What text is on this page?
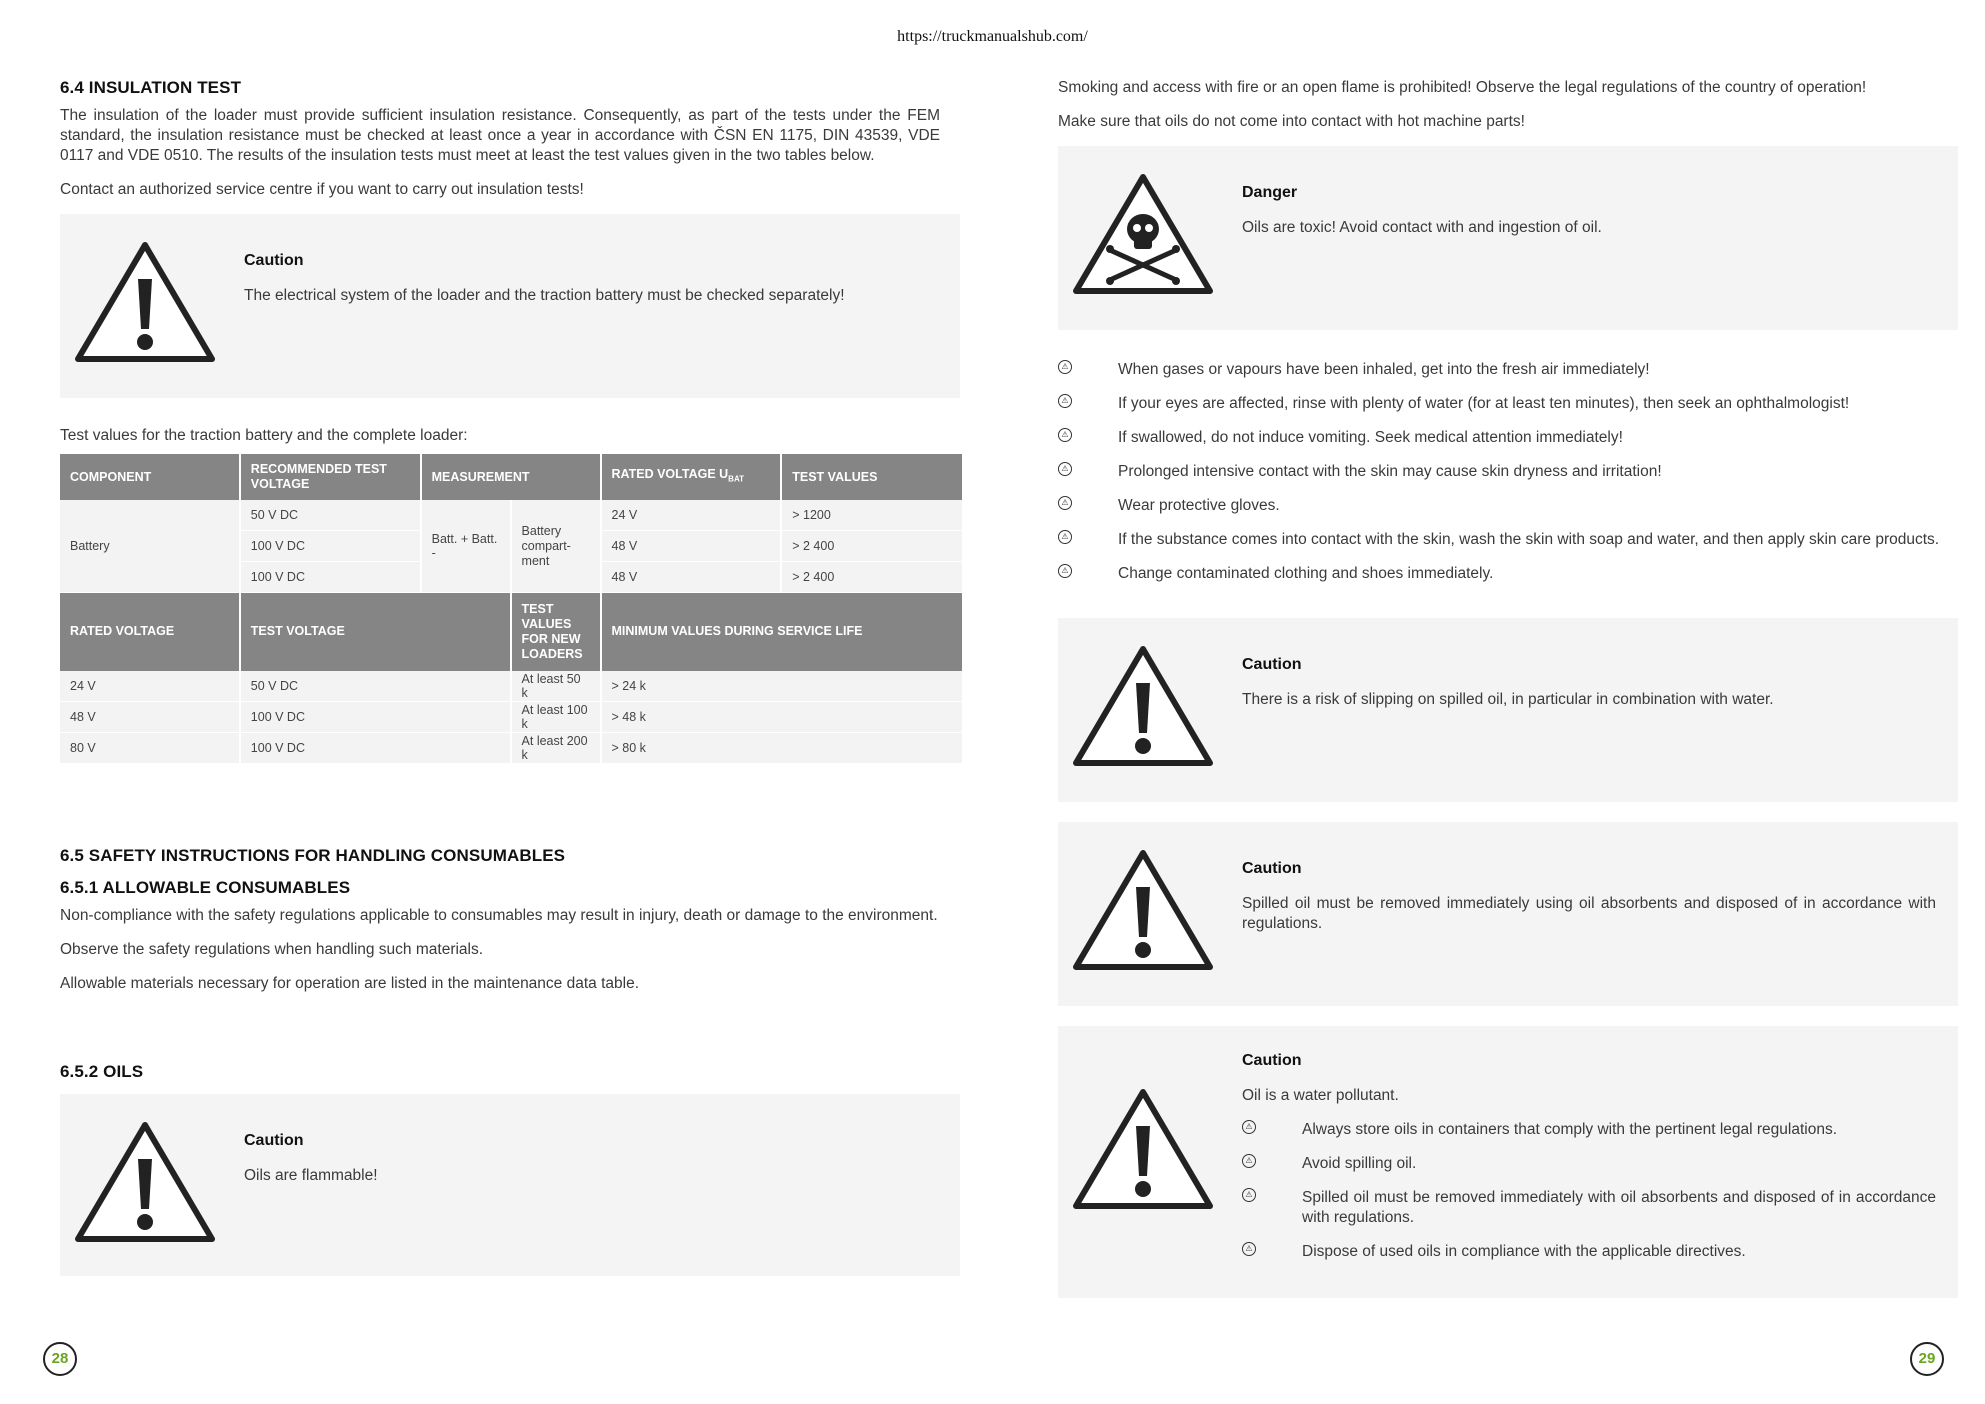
https://truckmanualshub.com/
6.4 INSULATION TEST

The insulation of the loader must provide sufficient insulation resistance. Consequently, as part of the tests under the FEM standard, the insulation resistance must be checked at least once a year in accordance with ČSN EN 1175, DIN 43539, VDE 0117 and VDE 0510. The results of the insulation tests must meet at least the test values given in the two tables below.

Contact an authorized service centre if you want to carry out insulation tests!

Caution
The electrical system of the loader and the traction battery must be checked separately!

Test values for the traction battery and the complete loader:

COMPONENT	RECOMMENDED TEST VOLTAGE	MEASUREMENT		RATED VOLTAGE $U_{BAT}$	TEST VALUES
Battery	50 V DC	Batt. + Batt. -	Battery compart-ment	24 V	> 1200
	100 V DC			48 V	> 2 400
	100 V DC			48 V	> 2 400
RATED VOLTAGE	TEST VOLTAGE		TEST VALUES FOR NEW LOADERS	MINIMUM VALUES DURING SERVICE LIFE	
24 V	50 V DC		At least 50 k	> 24 k	
48 V	100 V DC		At least 100 k	> 48 k	
80 V	100 V DC		At least 200 k	> 80 k	
6.5 SAFETY INSTRUCTIONS FOR HANDLING CONSUMABLES
6.5.1 ALLOWABLE CONSUMABLES

Non-compliance with the safety regulations applicable to consumables may result in injury, death or damage to the environment.

Observe the safety regulations when handling such materials.

Allowable materials necessary for operation are listed in the maintenance data table.

6.5.2 OILS
Caution
Oils are flammable!
28

Smoking and access with fire or an open flame is prohibited! Observe the legal regulations of the country of operation!

Make sure that oils do not come into contact with hot machine parts!

Danger
Oils are toxic! Avoid contact with and ingestion of oil.
⚠	When gases or vapours have been inhaled, get into the fresh air immediately!
⚠	If your eyes are affected, rinse with plenty of water (for at least ten minutes), then seek an ophthalmologist!
⚠	If swallowed, do not induce vomiting. Seek medical attention immediately!
⚠	Prolonged intensive contact with the skin may cause skin dryness and irritation!
⚠	Wear protective gloves.
⚠	If the substance comes into contact with the skin, wash the skin with soap and water, and then apply skin care products.
⚠	Change contaminated clothing and shoes immediately.
Caution
There is a risk of slipping on spilled oil, in particular in combination with water.
Caution
Spilled oil must be removed immediately using oil absorbents and disposed of in accordance with regulations.
Caution
Oil is a water pollutant.
⚠	Always store oils in containers that comply with the pertinent legal regulations.
⚠	Avoid spilling oil.
⚠	Spilled oil must be removed immediately with oil absorbents and disposed of in accordance with regulations.
⚠	Dispose of used oils in compliance with the applicable directives.
29
